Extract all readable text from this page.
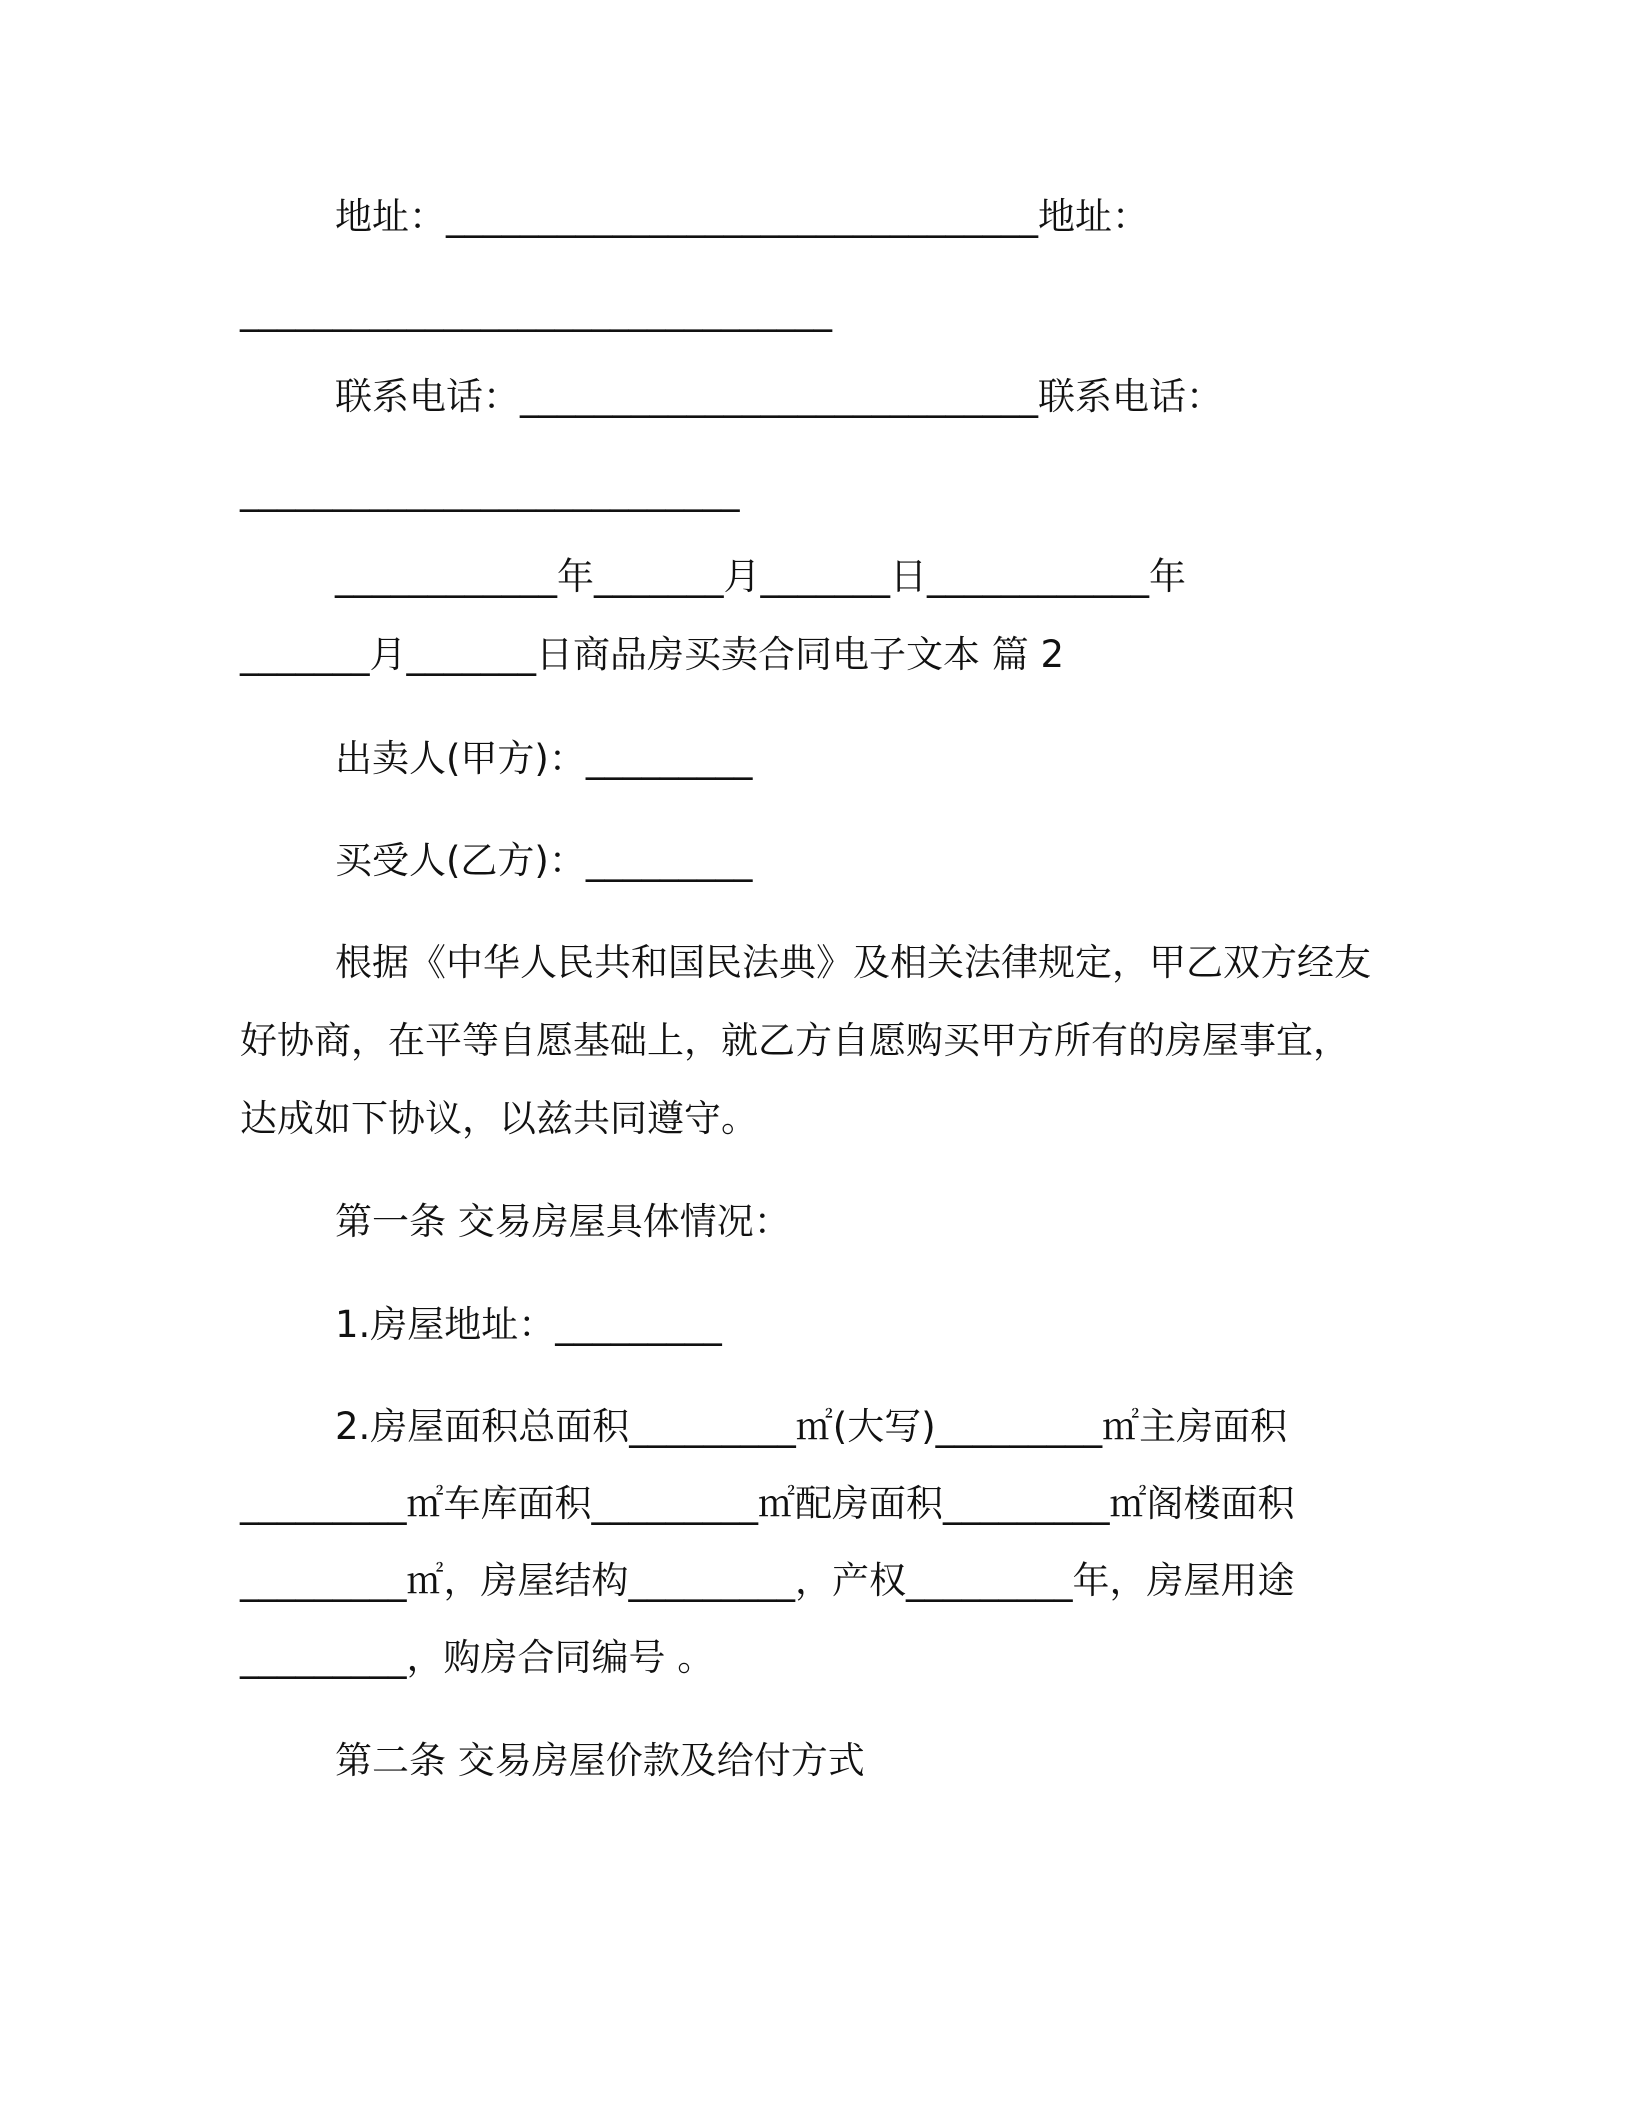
地址：________________________________地址：
________________________________
联系电话：____________________________联系电话：
___________________________
____________年_______月_______日____________年
_______月_______日商品房买卖合同电子文本 篇 2
出卖人(甲方)：_________
买受人(乙方)：_________
根据《中华人民共和国民法典》及相关法律规定，甲乙双方经友
好协商，在平等自愿基础上，就乙方自愿购买甲方所有的房屋事宜，
达成如下协议，以兹共同遵守。
第一条 交易房屋具体情况：
1.房屋地址：_________
2.房屋面积总面积_________㎡(大写)_________㎡主房面积
_________㎡车库面积_________㎡配房面积_________㎡阁楼面积
_________㎡，房屋结构_________，产权_________年，房屋用途
_________，购房合同编号 。
第二条 交易房屋价款及给付方式
